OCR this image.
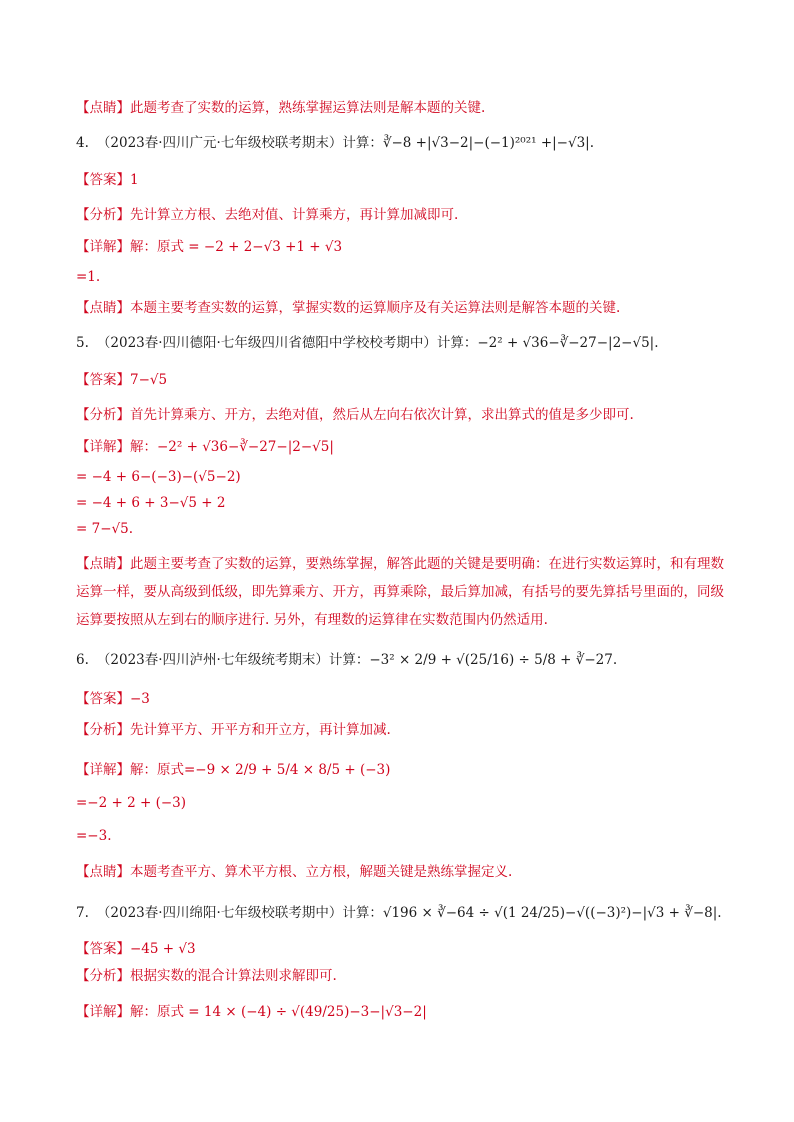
【点睛】此题考查了实数的运算，熟练掌握运算法则是解本题的关键.
4. （2023春·四川广元·七年级校联考期末）计算：∛−8 +|√3−2|−(−1)²⁰²¹ +|−√3|.
【答案】1
【分析】先计算立方根、去绝对值、计算乘方，再计算加减即可.
【详解】解：原式 = −2 + 2−√3 +1 + √3
=1.
【点睛】本题主要考查实数的运算，掌握实数的运算顺序及有关运算法则是解答本题的关键.
5. （2023春·四川德阳·七年级四川省德阳中学校校考期中）计算：−2² + √36−∛−27−|2−√5|.
【答案】7−√5
【分析】首先计算乘方、开方，去绝对值，然后从左向右依次计算，求出算式的值是多少即可.
【详解】解：−2² + √36−∛−27−|2−√5|
= −4 + 6−(−3)−(√5−2)
= −4 + 6 + 3−√5 + 2
= 7−√5.
【点睛】此题主要考查了实数的运算，要熟练掌握，解答此题的关键是要明确：在进行实数运算时，和有理数运算一样，要从高级到低级，即先算乘方、开方，再算乘除，最后算加减，有括号的要先算括号里面的，同级运算要按照从左到右的顺序进行. 另外，有理数的运算律在实数范围内仍然适用.
6. （2023春·四川泸州·七年级统考期末）计算：−3² × 2/9 + √(25/16) ÷ 5/8 + ∛−27.
【答案】−3
【分析】先计算平方、开平方和开立方，再计算加减.
【详解】解：原式=−9 × 2/9 + 5/4 × 8/5 + (−3)
=−2 + 2 + (−3)
=−3.
【点睛】本题考查平方、算术平方根、立方根，解题关键是熟练掌握定义.
7. （2023春·四川绵阳·七年级校联考期中）计算：√196 × ∛−64 ÷ √(1 24/25)−√((−3)²)−|√3 + ∛−8|.
【答案】−45 + √3
【分析】根据实数的混合计算法则求解即可.
【详解】解：原式 = 14 × (−4) ÷ √(49/25)−3−|√3−2|
